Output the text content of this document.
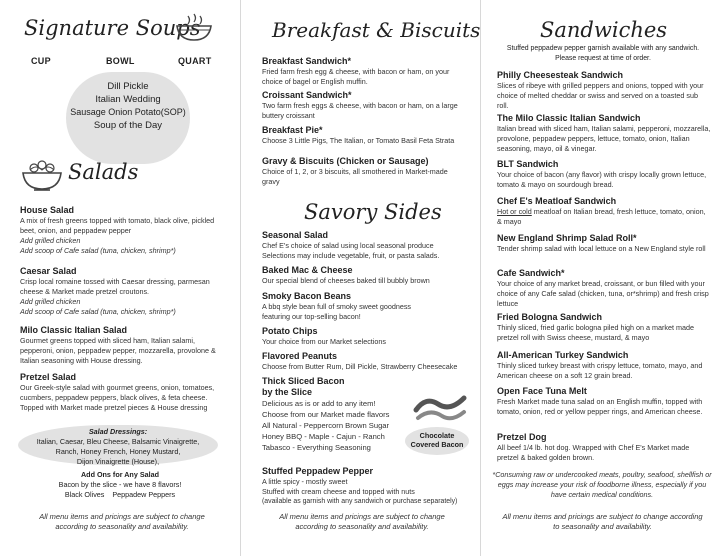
Signature Soups
CUP	BOWL	QUART
Dill Pickle
Italian Wedding
Sausage Onion Potato(SOP)
Soup of the Day
Salads
House Salad
A mix of fresh greens topped with tomato, black olive, pickled beet, onion, and peppadew pepper
Add grilled chicken
Add scoop of Cafe salad (tuna, chicken, shrimp*)
Caesar Salad
Crisp local romaine tossed with Caesar dressing, parmesan cheese & Market made pretzel croutons.
Add grilled chicken
Add scoop of Cafe salad (tuna, chicken, shrimp*)
Milo Classic Italian Salad
Gourmet greens topped with sliced ham, Italian salami, pepperoni, onion, peppadew pepper, mozzarella, provolone & Italian seasoning with House dressing.
Pretzel Salad
Our Greek-style salad with gourmet greens, onion, tomatoes, cucmbers, peppadew peppers, black olives, & feta cheese. Topped with Market made pretzel pieces & House dressing
Salad Dressings:
Italian, Caesar, Bleu Cheese, Balsamic Vinaigrette,
Ranch, Honey French, Honey Mustard,
Dijon Vinaigrette (House),
Add Ons for Any Salad
Bacon by the slice - we have 8 flavors!
Black Olives    Peppadew Peppers
All menu items and pricings are subject to change according to seasonality and availability.
Breakfast & Biscuits
Breakfast Sandwich*
Fried farm fresh egg & cheese, with bacon or ham, on your choice of bagel or English muffin.
Croissant Sandwich*
Two farm fresh eggs & cheese, with bacon or ham, on a large buttery croissant
Breakfast Pie*
Choose 3 Little Pigs, The Italian, or Tomato Basil Feta Strata
Gravy & Biscuits (Chicken or Sausage)
Choice of 1, 2, or 3 biscuits, all smothered in Market-made gravy
Savory Sides
Seasonal Salad
Chef E's choice of salad using local seasonal produce Selections may include vegetable, fruit, or pasta salads.
Baked Mac & Cheese
Our special blend of cheeses baked till bubbly brown
Smoky Bacon Beans
A bbq style bean full of smoky sweet goodness featuring our top-selling bacon!
Potato Chips
Your choice from our Market selections
Flavored Peanuts
Choose from Butter Rum, Dill Pickle, Strawberry Cheesecake
Thick Sliced Bacon
by the Slice
Delicious as is or add to any item!
Choose from our Market made flavors
All Natural - Peppercorn Brown Sugar
Honey BBQ - Maple - Cajun - Ranch
Tabasco - Everything Seasoning
Chocolate
Covered Bacon
Stuffed Peppadew Pepper
A little spicy - mostly sweet
Stuffed with cream cheese and topped with nuts
(available as garnish with any sandwich or purchase separately)
All menu items and pricings are subject to change according to seasonality and availability.
Sandwiches
Stuffed peppadew pepper garnish available with any sandwich.
Please request at time of order.
Philly Cheesesteak Sandwich
Slices of ribeye with grilled peppers and onions, topped with your choice of melted cheddar or swiss and served on a toasted sub roll.
The Milo Classic Italian Sandwich
Italian bread with sliced ham, Italian salami, pepperoni, mozzarella, provolone, peppadew peppers, lettuce, tomato, onion, Italian seasoning, mayo, oil & vinegar.
BLT Sandwich
Your choice of bacon (any flavor) with crispy locally grown lettuce, tomato & mayo on sourdough bread.
Chef E's Meatloaf Sandwich
Hot or cold meatloaf on Italian bread, fresh lettuce, tomato, onion, & mayo
New England Shrimp Salad Roll*
Tender shrimp salad with local lettuce on a New England style roll
Cafe Sandwich*
Your choice of any market bread, croissant, or bun filled with your choice of any Cafe salad (chicken, tuna, or*shrimp) and fresh crisp lettuce
Fried Bologna Sandwich
Thinly sliced, fried garlic bologna piled high on a market made pretzel roll with Swiss cheese, mustard, & mayo
All-American Turkey Sandwich
Thinly sliced turkey breast with crispy lettuce, tomato, mayo, and American cheese on a soft 12 grain bread.
Open Face Tuna Melt
Fresh Market made tuna salad on an English muffin, topped with tomato, onion, red or yellow pepper rings, and American cheese.
Pretzel Dog
All beef 1/4 lb. hot dog. Wrapped with Chef E's Market made pretzel & baked golden brown.
*Consuming raw or undercooked meats, poultry, seafood, shellfish or eggs may increase your risk of foodborne illness, especially if you have certain medical conditions.
All menu items and pricings are subject to change according to seasonality and availability.
